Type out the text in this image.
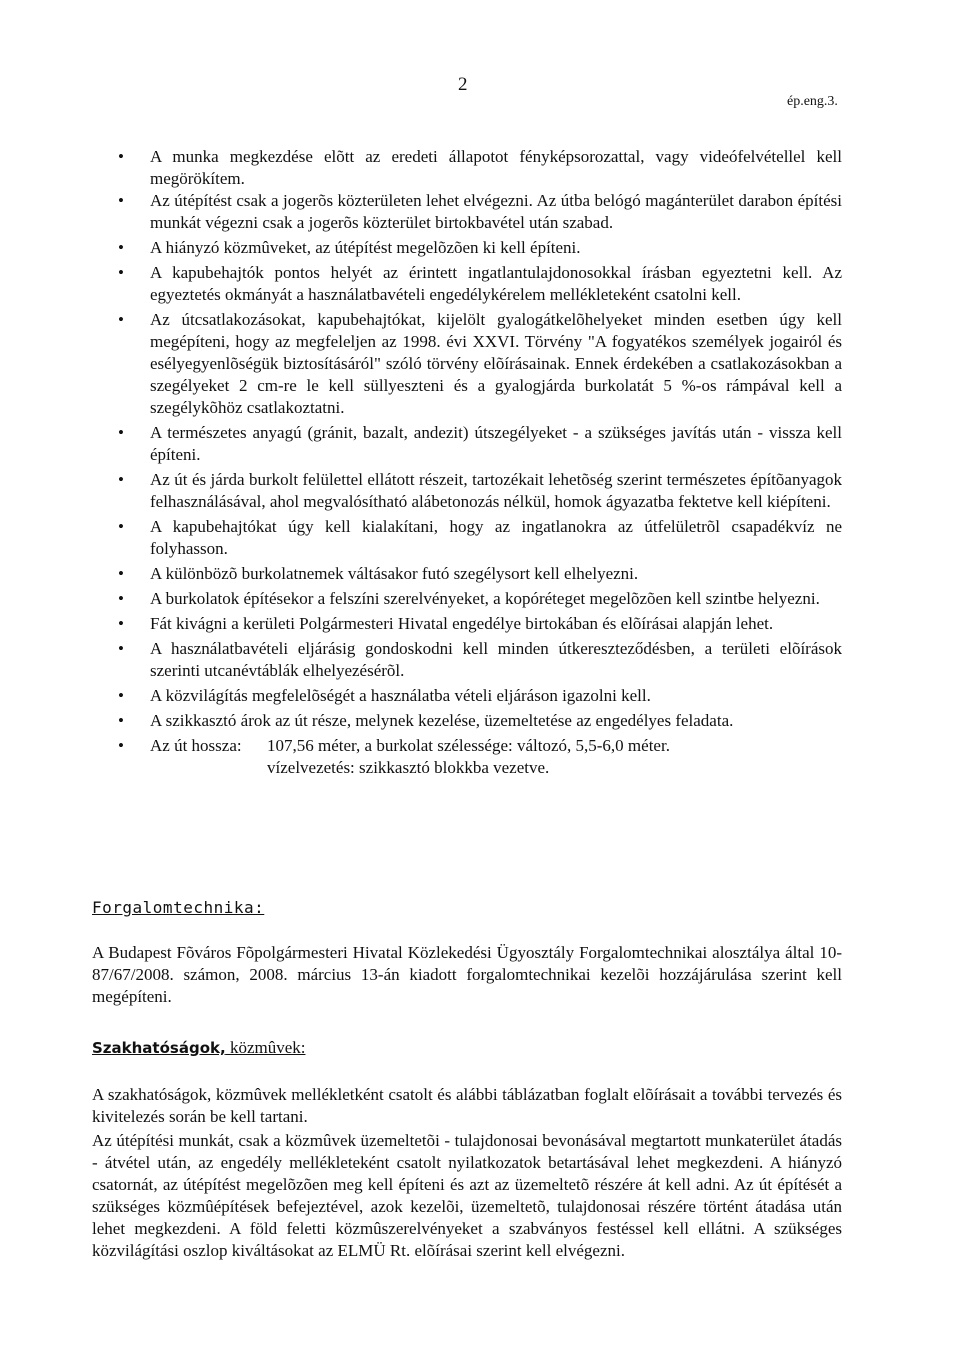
2
ép.eng.3.
• A munka megkezdése elõtt az eredeti állapotot fényképsorozattal, vagy videófelvétellel kell megörökítem.
• Az útépítést csak a jogerõs közterületen lehet elvégezni. Az útba belógó magánterület darabon építési munkát végezni csak a jogerõs közterület birtokbavétel után szabad.
• A hiányzó közmûveket, az útépítést megelõzõen ki kell építeni.
• A kapubehajtók pontos helyét az érintett ingatlantulajdonosokkal írásban egyeztetni kell. Az egyeztetés okmányát a használatbavételi engedélykérelem mellékleteként csatolni kell.
• Az útcsatlakozásokat, kapubehajtókat, kijelölt gyalogátkelõhelyeket minden esetben úgy kell megépíteni, hogy az megfeleljen az 1998. évi XXVI. Törvény "A fogyatékos személyek jogairól és esélyegyenlõségük biztosításáról" szóló törvény elõírásainak. Ennek érdekében a csatlakozásokban a szegélyeket 2 cm-re le kell süllyeszteni és a gyalogjárda burkolatát 5 %-os rámpával kell a szegélykõhöz csatlakoztatni.
• A természetes anyagú (gránit, bazalt, andezit) útszegélyeket - a szükséges javítás után - vissza kell építeni.
• Az út és járda burkolt felülettel ellátott részeit, tartozékait lehetõség szerint természetes építõanyagok felhasználásával, ahol megvalósítható alábetonozás nélkül, homok ágyazatba fektetve kell kiépíteni.
• A kapubehajtókat úgy kell kialakítani, hogy az ingatlanokra az útfelületrõl csapadékvíz ne folyhasson.
• A különbözõ burkolatnemek váltásakor futó szegélysort kell elhelyezni.
• A burkolatok építésekor a felszíni szerelvényeket, a kopóréteget megelõzõen kell szintbe helyezni.
• Fát kivágni a kerületi Polgármesteri Hivatal engedélye birtokában és elõírásai alapján lehet.
• A használatbavételi eljárásig gondoskodni kell minden útkereszteződésben, a területi elõírások szerinti utcanévtáblák elhelyezésérõl.
• A közvilágítás megfelelõségét a használatba vételi eljáráson igazolni kell.
• A szikkasztó árok az út része, melynek kezelése, üzemeltetése az engedélyes feladata.
• Az út hossza: 107,56 méter, a burkolat szélessége: változó, 5,5-6,0 méter.
vízelvezetés: szikkasztó blokkba vezetve.
Forgalomtechnika:

A Budapest Fõváros Fõpolgármesteri Hivatal Közlekedési Ügyosztály Forgalomtechnikai alosztálya által 10-87/67/2008. számon, 2008. március 13-án kiadott forgalomtechnikai kezelõi hozzájárulása szerint kell megépíteni.

Szakhatóságok, közmûvek:

A szakhatóságok, közmûvek mellékletként csatolt és alábbi táblázatban foglalt elõírásait a további tervezés és kivitelezés során be kell tartani.

Az útépítési munkát, csak a közmûvek üzemeltetõi - tulajdonosai bevonásával megtartott munkaterület átadás - átvétel után, az engedély mellékleteként csatolt nyilatkozatok betartásával lehet megkezdeni. A hiányzó csatornát, az útépítést megelõzõen meg kell építeni és azt az üzemeltetõ részére át kell adni. Az út építését a szükséges közmûépítések befejeztével, azok kezelõi, üzemeltetõ, tulajdonosai részére történt átadása után lehet megkezdeni. A föld feletti közmûszerelvényeket a szabványos festéssel kell ellátni. A szükséges közvilágítási oszlop kiváltásokat az ELMÜ Rt. elõírásai szerint kell elvégezni.
